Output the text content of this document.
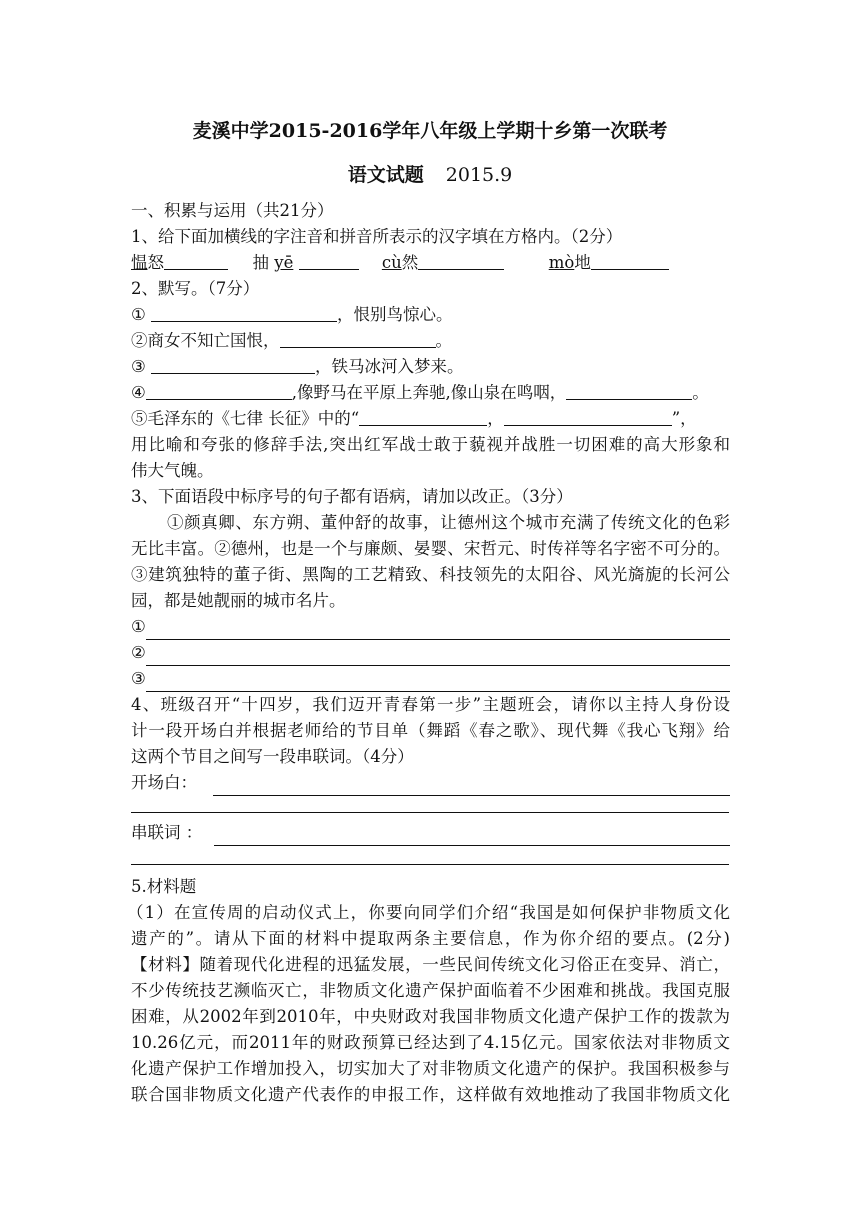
麦溪中学2015-2016学年八年级上学期十乡第一次联考
语文试题 2015.9
一、积累与运用（共21分）
1、给下面加横线的字注音和拼音所表示的汉字填在方格内。（2分）
愠怒	抽 yē	cù然	mò地
2、默写。（7分）
①	，恨别鸟惊心。
②商女不知亡国恨，	。
③	，铁马冰河入梦来。
④	,像野马在平原上奔驰,像山泉在鸣咽，	。
⑤毛泽东的《七律 长征》中的“	，	”，
用比喻和夸张的修辞手法,突出红军战士敢于藐视并战胜一切困难的高大形象和
伟大气魄。
3、下面语段中标序号的句子都有语病，请加以改正。（3分）
①颜真卿、东方朔、董仲舒的故事，让德州这个城市充满了传统文化的色彩
无比丰富。②德州，也是一个与廉颇、晏婴、宋哲元、时传祥等名字密不可分的。
③建筑独特的董子街、黑陶的工艺精致、科技领先的太阳谷、风光旖旎的长河公
园，都是她靓丽的城市名片。
①
②
③
4、班级召开“十四岁，我们迈开青春第一步”主题班会，请你以主持人身份设
计一段开场白并根据老师给的节目单（舞蹈《春之歌》、现代舞《我心飞翔》给
这两个节目之间写一段串联词。（4分）
开场白：
串联词 ：
5.材料题
（1）在宣传周的启动仪式上，你要向同学们介绍“我国是如何保护非物质文化
遗产的”。请从下面的材料中提取两条主要信息，作为你介绍的要点。(2分)
【材料】随着现代化进程的迅猛发展，一些民间传统文化习俗正在变异、消亡，
不少传统技艺濒临灭亡，非物质文化遗产保护面临着不少困难和挑战。我国克服
困难，从2002年到2010年，中央财政对我国非物质文化遗产保护工作的拨款为
10.26亿元，而2011年的财政预算已经达到了4.15亿元。国家依法对非物质文
化遗产保护工作增加投入，切实加大了对非物质文化遗产的保护。我国积极参与
联合国非物质文化遗产代表作的申报工作，这样做有效地推动了我国非物质文化
